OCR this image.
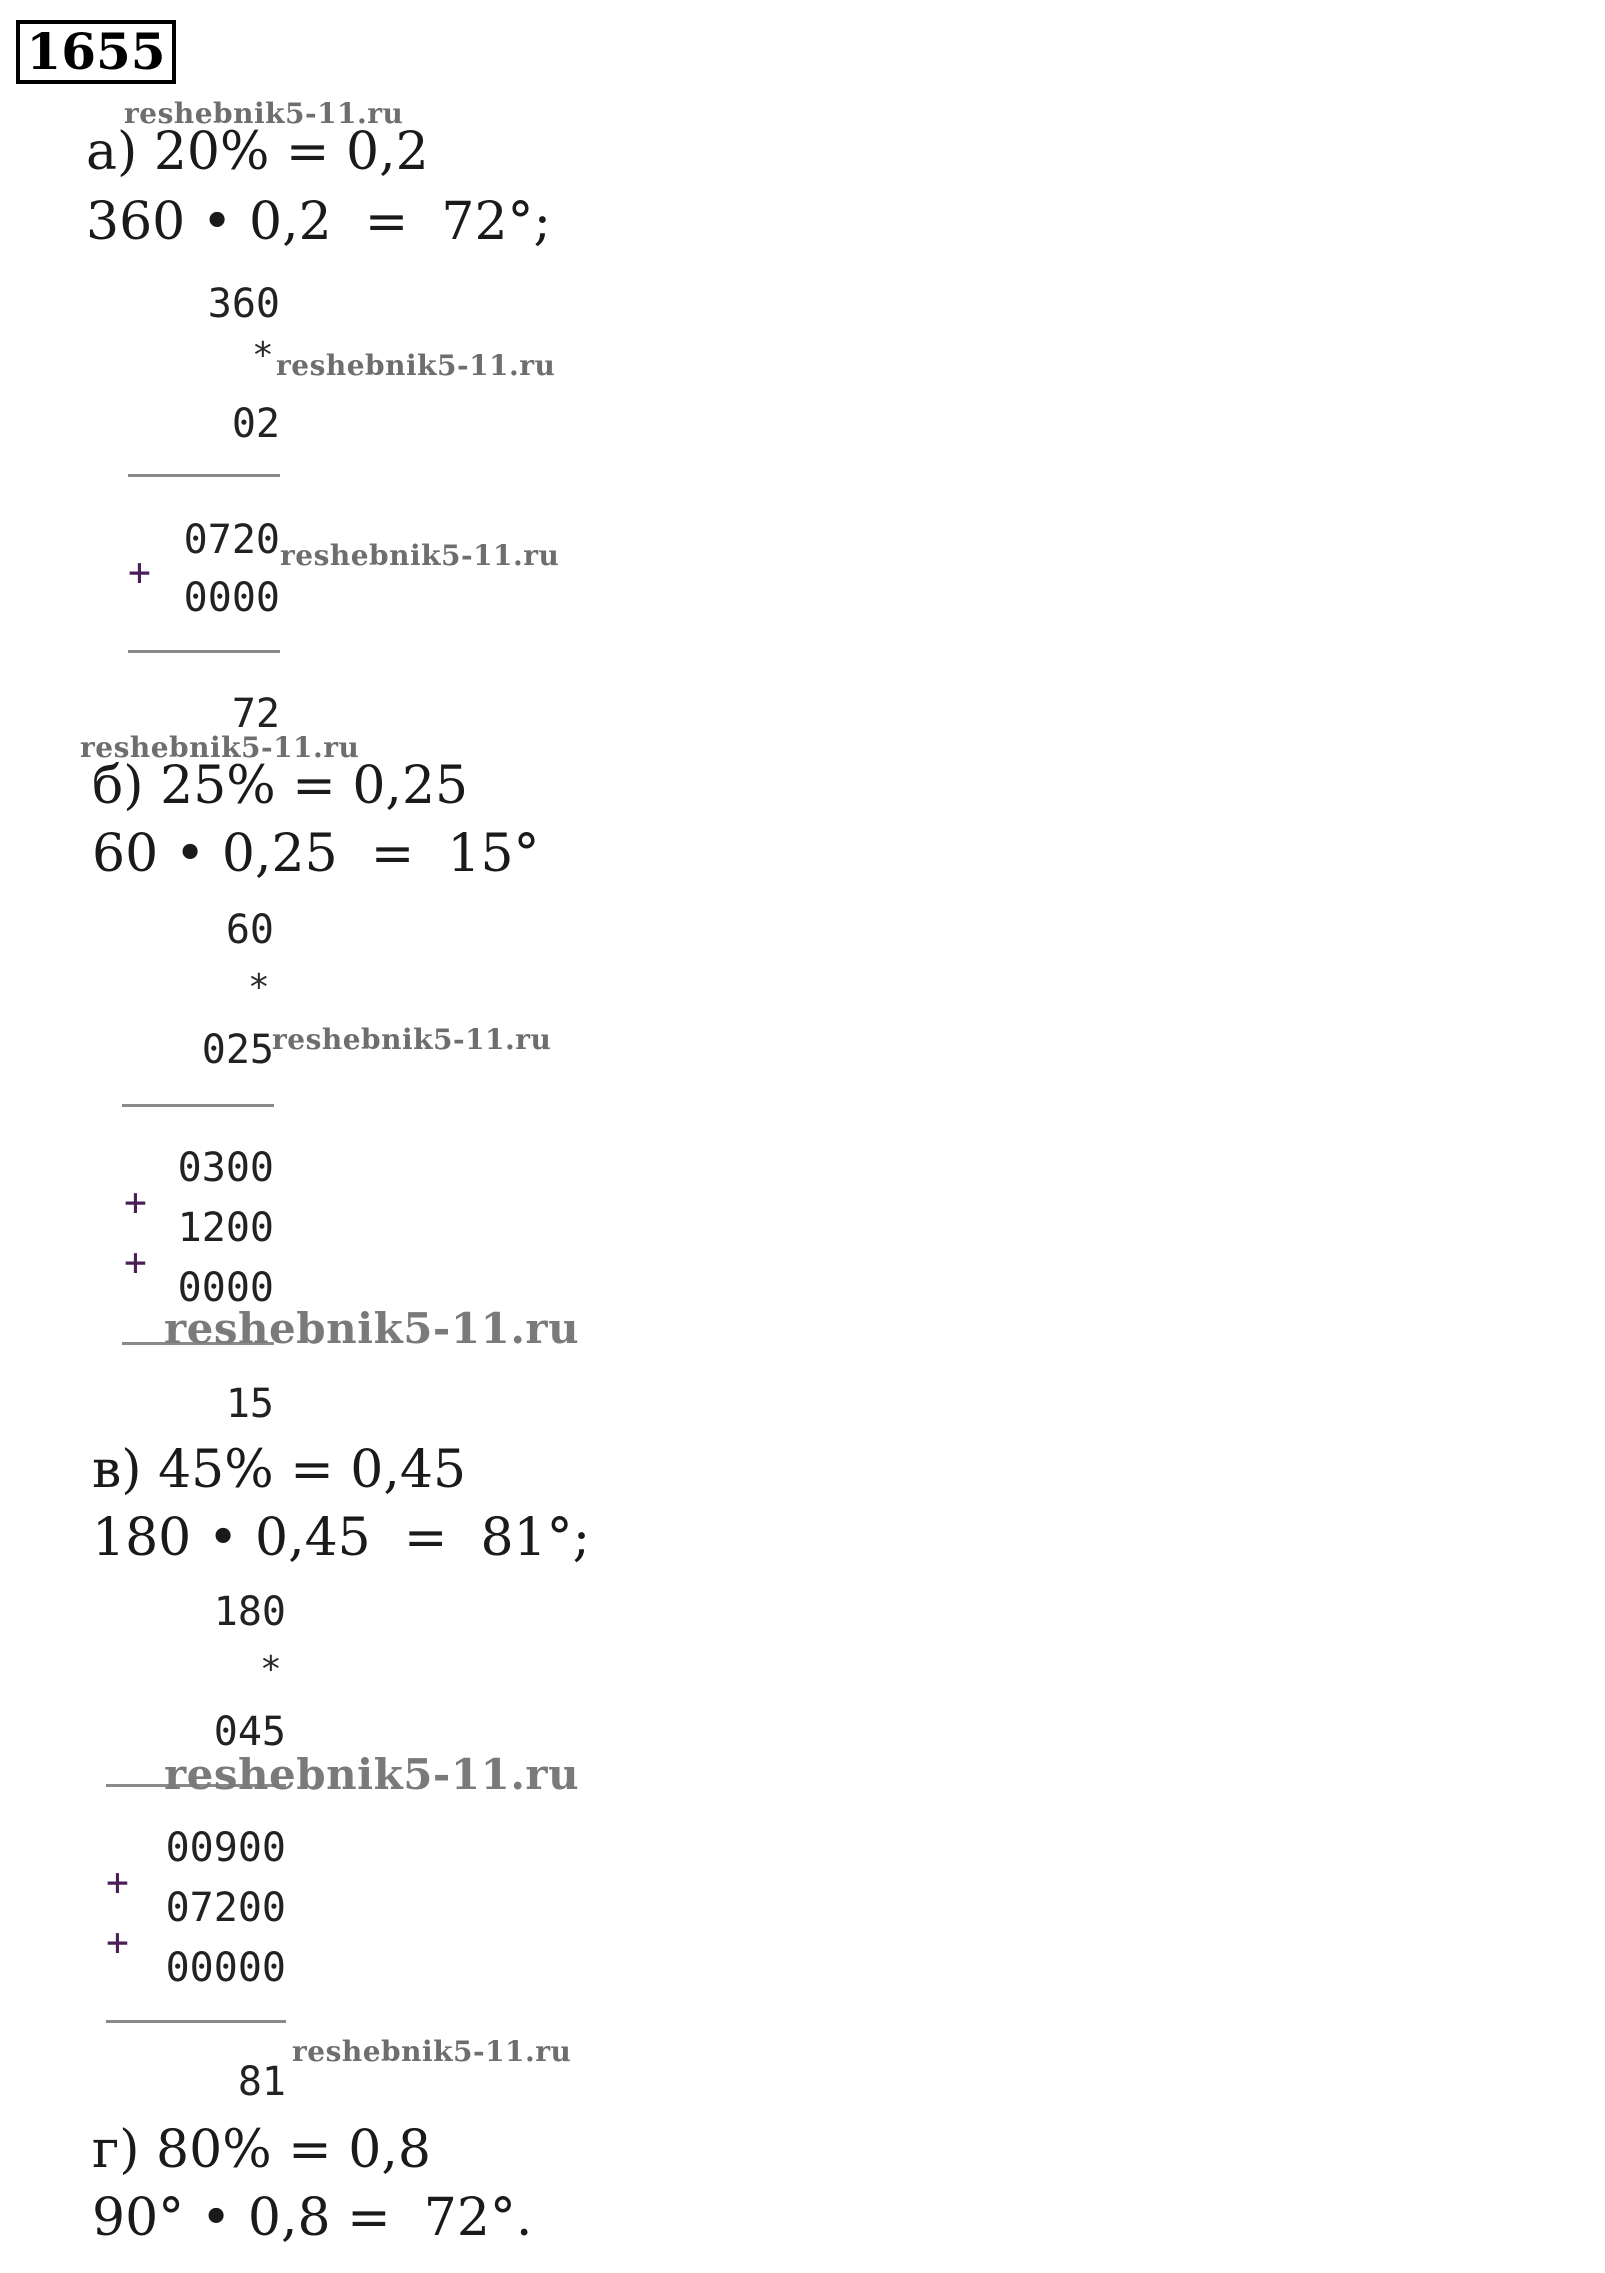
1655
reshebnik5-11.ru
а) 20% = 0,2
360 • 0,2  =  72°;
360
* reshebnik5-11.ru
02
0720 reshebnik5-11.ru
+
0000
72
reshebnik5-11.ru
б) 25% = 0,25
60 • 0,25  =  15°
60
*
025
reshebnik5-11.ru
0300
+
1200
+
0000
reshebnik5-11.ru
15
в) 45% = 0,45
180 • 0,45  =  81°;
180
*
045
reshebnik5-11.ru
00900
+
07200
+
00000
reshebnik5-11.ru
81
г) 80% = 0,8
90° • 0,8 =  72°.
